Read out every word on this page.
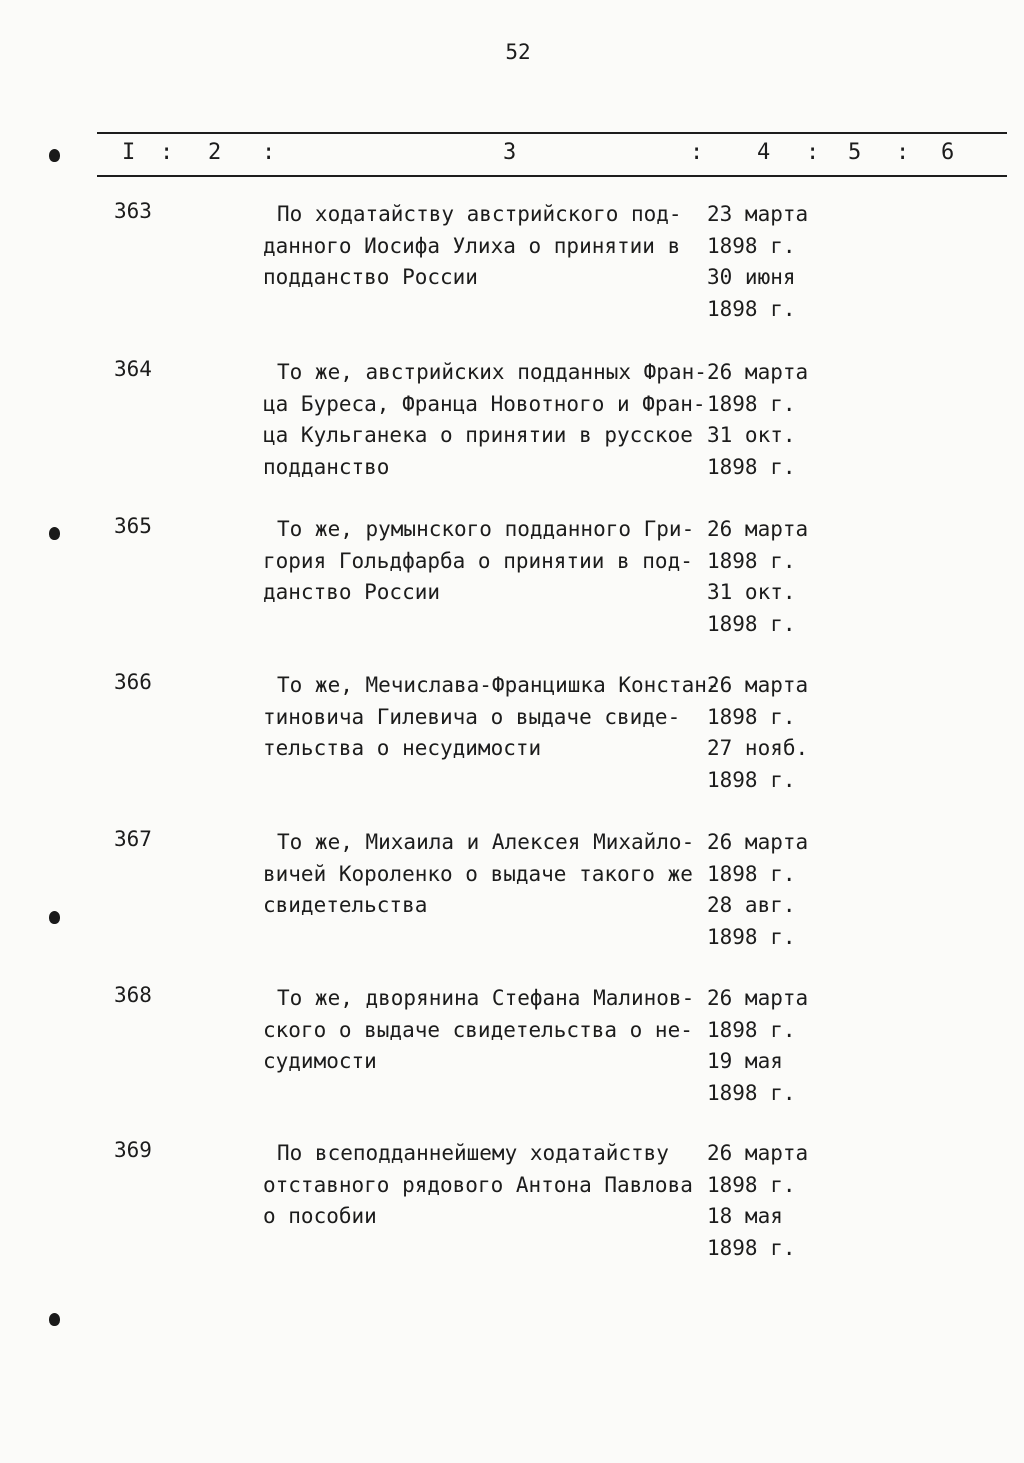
52
I : 2 :	3	: 4 : 5 : 6
363	По ходатайству австрийского под-
данного Иосифа Улиха о принятии в
подданство России
23 марта
1898 г.
30 июня
1898 г.
364	То же, австрийских подданных Фран-
ца Буреса, Франца Новотного и Фран-
ца Кульганека о принятии в русское
подданство
26 марта
1898 г.
31 окт.
1898 г.
365	То же, румынского подданного Гри-
гория Гольдфарба о принятии в под-
данство России
26 марта
1898 г.
31 окт.
1898 г.
366	То же, Мечислава-Францишка Констан-
тиновича Гилевича о выдаче свиде-
тельства о несудимости
26 марта
1898 г.
27 нояб.
1898 г.
367	То же, Михаила и Алексея Михайло-
вичей Короленко о выдаче такого же
свидетельства
26 марта
1898 г.
28 авг.
1898 г.
368	То же, дворянина Стефана Малинов-
ского о выдаче свидетельства о не-
судимости
26 марта
1898 г.
19 мая
1898 г.
369	По всеподданнейшему ходатайству
отставного рядового Антона Павлова
о пособии
26 марта
1898 г.
18 мая
1898 г.
